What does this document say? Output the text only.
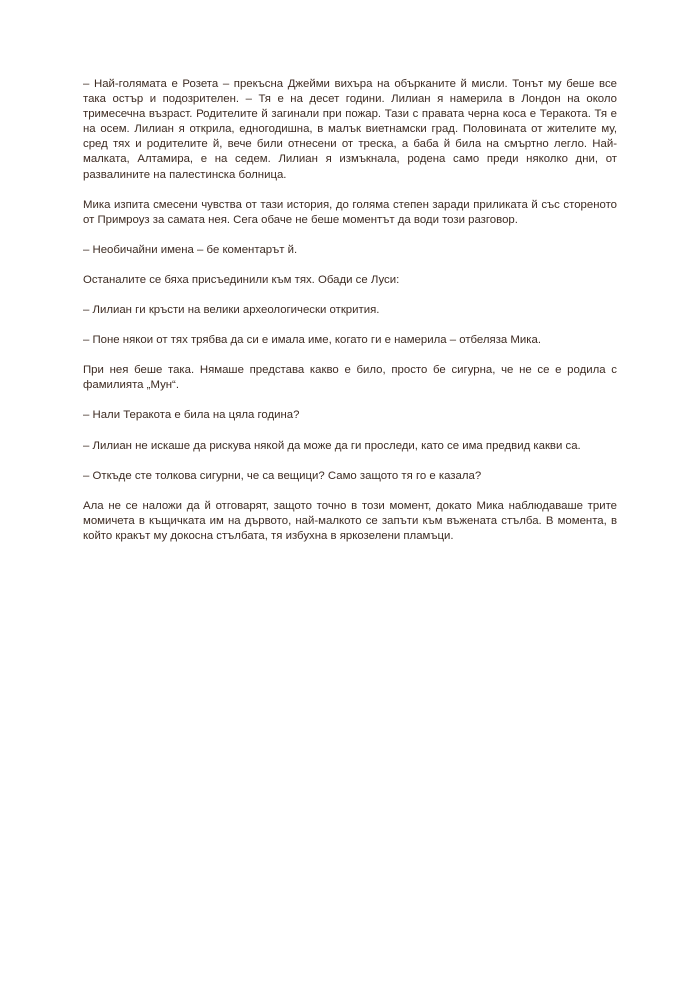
– Най-голямата е Розета – прекъсна Джейми вихъра на обърканите й мисли. Тонът му беше все така остър и подозрителен. – Тя е на десет години. Лилиан я намерила в Лондон на около тримесечна възраст. Родителите й загинали при пожар. Тази с правата черна коса е Теракота. Тя е на осем. Лилиан я открила, едногодишна, в малък виетнамски град. Половината от жителите му, сред тях и родителите й, вече били отнесени от треска, а баба й била на смъртно легло. Най-малката, Алтамира, е на седем. Лилиан я измъкнала, родена само преди няколко дни, от развалините на палестинска болница.

Мика изпита смесени чувства от тази история, до голяма степен заради приликата й със стореното от Примроуз за самата нея. Сега обаче не беше моментът да води този разговор.

– Необичайни имена – бе коментарът й.

Останалите се бяха присъединили към тях. Обади се Луси:

– Лилиан ги кръсти на велики археологически открития.

– Поне някои от тях трябва да си е имала име, когато ги е намерила – отбеляза Мика.

При нея беше така. Нямаше представа какво е било, просто бе сигурна, че не се е родила с фамилията „Мун“.

– Нали Теракота е била на цяла година?

– Лилиан не искаше да рискува някой да може да ги проследи, като се има предвид какви са.

– Откъде сте толкова сигурни, че са вещици? Само защото тя го е казала?

Ала не се наложи да й отговарят, защото точно в този момент, докато Мика наблюдаваше трите момичета в къщичката им на дървото, най-малкото се запъти към въжената стълба. В момента, в който кракът му докосна стълбата, тя избухна в яркозелени пламъци.
